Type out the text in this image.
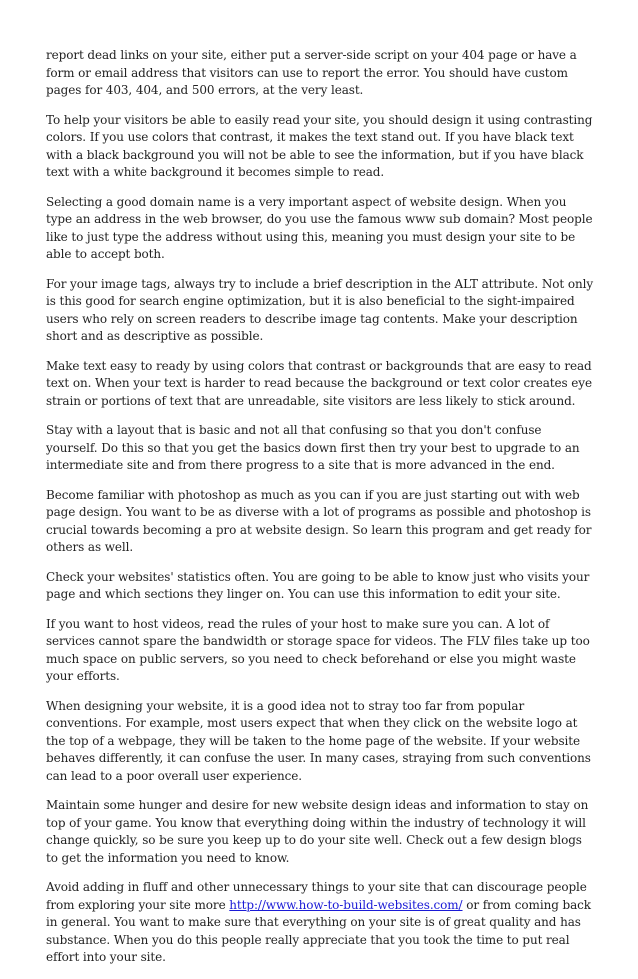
report dead links on your site, either put a server-side script on your 404 page or have a form or email address that visitors can use to report the error. You should have custom pages for 403, 404, and 500 errors, at the very least.

To help your visitors be able to easily read your site, you should design it using contrasting colors. If you use colors that contrast, it makes the text stand out. If you have black text with a black background you will not be able to see the information, but if you have black text with a white background it becomes simple to read.

Selecting a good domain name is a very important aspect of website design. When you type an address in the web browser, do you use the famous www sub domain? Most people like to just type the address without using this, meaning you must design your site to be able to accept both.

For your image tags, always try to include a brief description in the ALT attribute. Not only is this good for search engine optimization, but it is also beneficial to the sight-impaired users who rely on screen readers to describe image tag contents. Make your description short and as descriptive as possible.

Make text easy to ready by using colors that contrast or backgrounds that are easy to read text on. When your text is harder to read because the background or text color creates eye strain or portions of text that are unreadable, site visitors are less likely to stick around.

Stay with a layout that is basic and not all that confusing so that you don't confuse yourself. Do this so that you get the basics down first then try your best to upgrade to an intermediate site and from there progress to a site that is more advanced in the end.

Become familiar with photoshop as much as you can if you are just starting out with web page design. You want to be as diverse with a lot of programs as possible and photoshop is crucial towards becoming a pro at website design. So learn this program and get ready for others as well.

Check your websites' statistics often. You are going to be able to know just who visits your page and which sections they linger on. You can use this information to edit your site.

If you want to host videos, read the rules of your host to make sure you can. A lot of services cannot spare the bandwidth or storage space for videos. The FLV files take up too much space on public servers, so you need to check beforehand or else you might waste your efforts.

When designing your website, it is a good idea not to stray too far from popular conventions. For example, most users expect that when they click on the website logo at the top of a webpage, they will be taken to the home page of the website. If your website behaves differently, it can confuse the user. In many cases, straying from such conventions can lead to a poor overall user experience.

Maintain some hunger and desire for new website design ideas and information to stay on top of your game. You know that everything doing within the industry of technology it will change quickly, so be sure you keep up to do your site well. Check out a few design blogs to get the information you need to know.

Avoid adding in fluff and other unnecessary things to your site that can discourage people from exploring your site more http://www.how-to-build-websites.com/ or from coming back in general. You want to make sure that everything on your site is of great quality and has substance. When you do this people really appreciate that you took the time to put real effort into your site.
